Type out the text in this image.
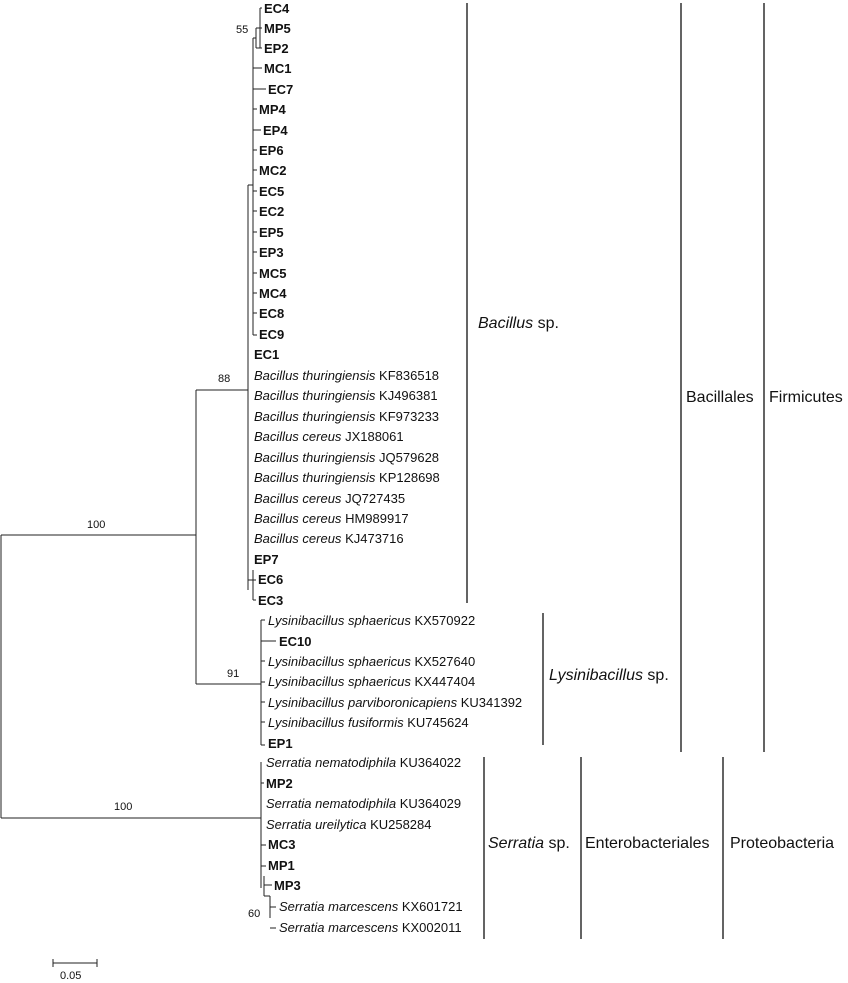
55
88
100
91
100
60
EC4
MP5
EP2
MC1
EC7
MP4
EP4
EP6
MC2
EC5
EC2
EP5
EP3
MC5
MC4
EC8
EC9
EC1
Bacillus thuringiensis KF836518
Bacillus thuringiensis KJ496381
Bacillus thuringiensis KF973233
Bacillus cereus JX188061
Bacillus thuringiensis JQ579628
Bacillus thuringiensis KP128698
Bacillus cereus JQ727435
Bacillus cereus HM989917
Bacillus cereus KJ473716
EP7
EC6
EC3
Lysinibacillus sphaericus KX570922
EC10
Lysinibacillus sphaericus KX527640
Lysinibacillus sphaericus KX447404
Lysinibacillus parviboronicapiens KU341392
Lysinibacillus fusiformis KU745624
EP1
Serratia nematodiphila KU364022
MP2
Serratia nematodiphila KU364029
Serratia ureilytica KU258284
MC3
MP1
MP3
Serratia marcescens KX601721
Serratia marcescens KX002011
Bacillus sp.
Lysinibacillus sp.
Bacillales Firmicutes
Serratia sp. Enterobacteriales Proteobacteria
0.05
